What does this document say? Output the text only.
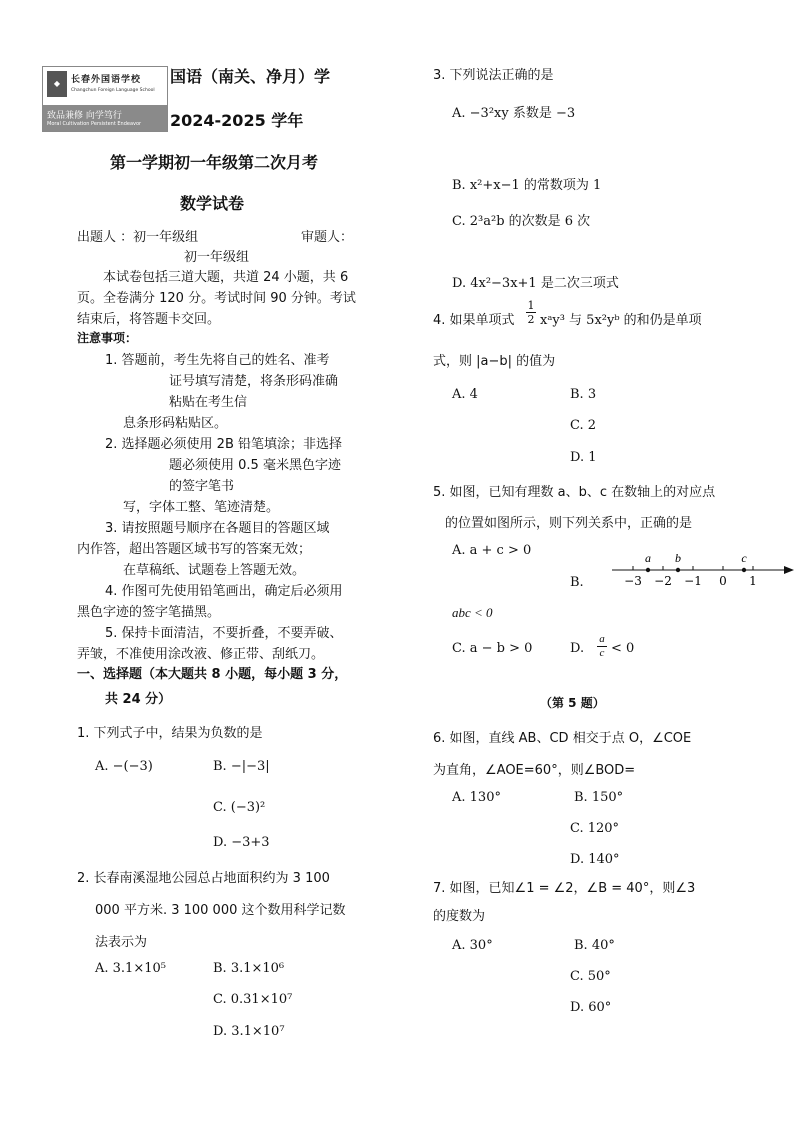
◆	长春外国语学校
Changchun Foreign Language School
致品兼修 向学笃行
Moral Cultivation Persistent Endeavor
国语（南关、净月）学
2024-2025 学年
第一学期初一年级第二次月考
数学试卷
出题人 ：初一年级组	审题人：
初一年级组
本试卷包括三道大题，共道 24 小题，共 6
页。全卷满分 120 分。考试时间 90 分钟。考试
结束后，将答题卡交回。
注意事项：
1. 答题前，考生先将自己的姓名、准考
证号填写清楚，将条形码准确
粘贴在考生信
息条形码粘贴区。
2. 选择题必须使用 2B 铅笔填涂；非选择
题必须使用 0.5 毫米黑色字迹
的签字笔书
写，字体工整、笔迹清楚。
3. 请按照题号顺序在各题目的答题区域
内作答，超出答题区域书写的答案无效；
在草稿纸、试题卷上答题无效。
4. 作图可先使用铅笔画出，确定后必须用
黑色字迹的签字笔描黑。
5. 保持卡面清洁，不要折叠，不要弄破、
弄皱，不准使用涂改液、修正带、刮纸刀。
一、选择题（本大题共 8 小题，每小题 3 分，
共 24 分）
1. 下列式子中，结果为负数的是
A. −(−3)	B. −|−3|
C. (−3)²
D. −3+3
2. 长春南溪湿地公园总占地面积约为 3 100
000 平方米. 3 100 000 这个数用科学记数
法表示为
A. 3.1×10⁵	B. 3.1×10⁶
C. 0.31×10⁷
D. 3.1×10⁷
3. 下列说法正确的是
A. −3²xy 系数是 −3
B. x²+x−1 的常数项为 1
C. 2³a²b 的次数是 6 次
D. 4x²−3x+1 是二次三项式
4. 如果单项式 $\frac{1}{2}$ xᵃy³ 与 5x²yᵇ 的和仍是单项
式，则 |a−b| 的值为
A. 4	B. 3
C. 2
D. 1
5. 如图，已知有理数 a、b、c 在数轴上的对应点
的位置如图所示，则下列关系中，正确的是
A. a + c > 0
B.
abc < 0
C. a − b > 0	D. $\frac{a}{c} < 0$
−3 −2 −1 0 1
a b	c
（第 5 题）
6. 如图，直线 AB、CD 相交于点 O，∠COE
为直角，∠AOE=60°，则∠BOD=
A. 130°	B. 150°
C. 120°
D. 140°
7. 如图，已知∠1 = ∠2，∠B = 40°，则∠3
的度数为
A. 30°	B. 40°
C. 50°
D. 60°
